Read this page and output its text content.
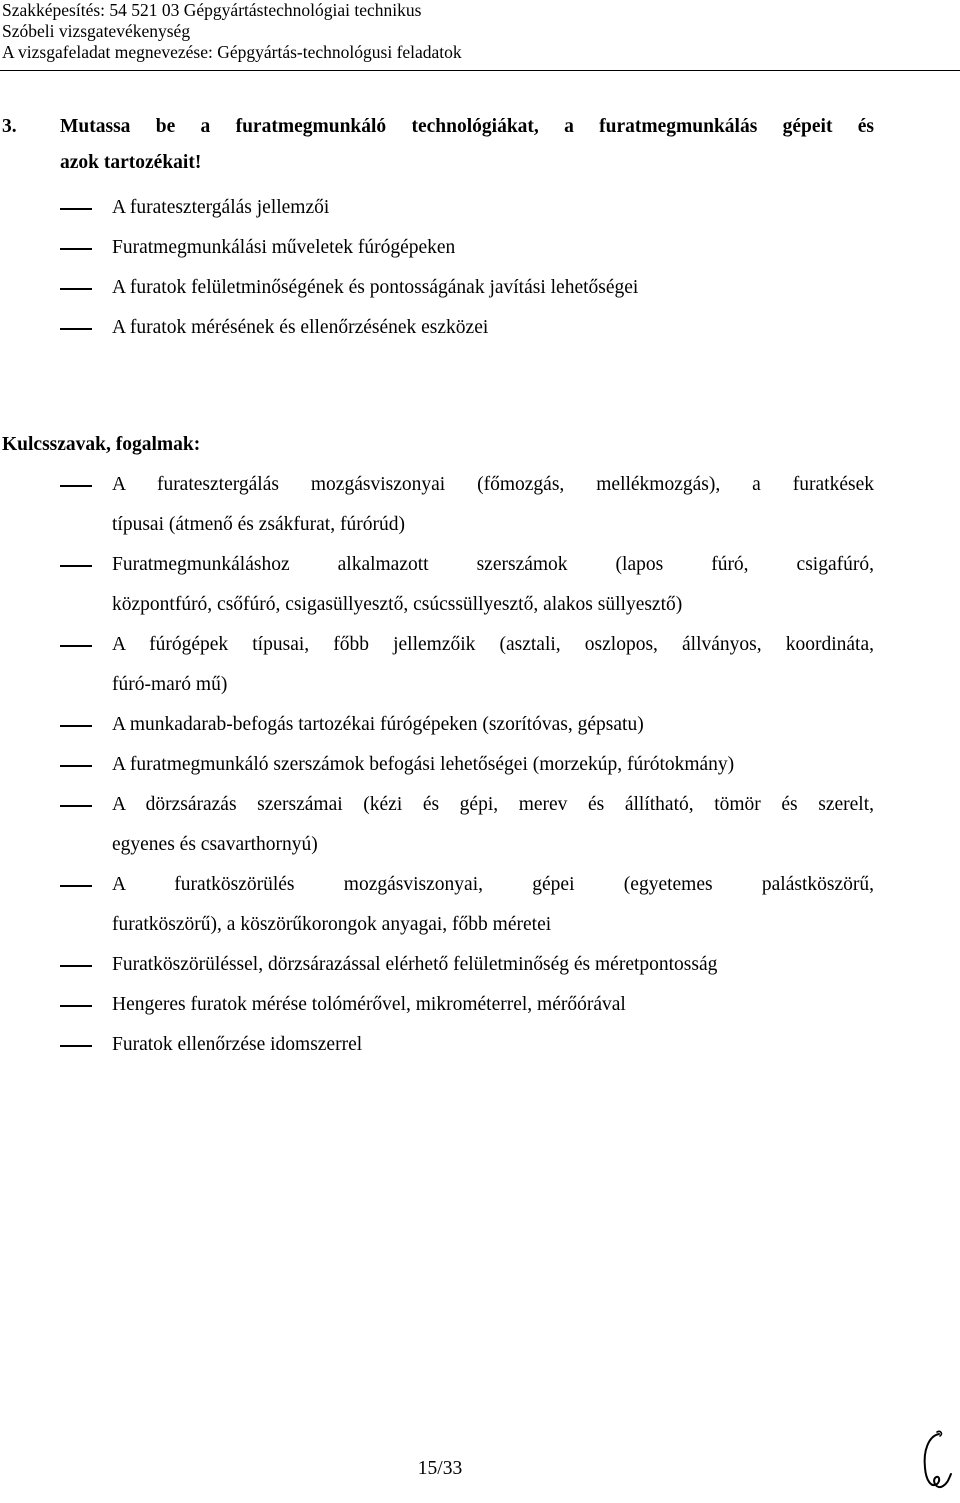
Szakképesítés: 54 521 03 Gépgyártástechnológiai technikus
Szóbeli vizsgatevékenység
A vizsgafeladat megnevezése: Gépgyártás-technológusi feladatok
3. Mutassa be a furatmegmunkáló technológiákat, a furatmegmunkálás gépeit és
azok tartozékait!
A furatesztergálás jellemzői
Furatmegmunkálási műveletek fúrógépeken
A furatok felületminőségének és pontosságának javítási lehetőségei
A furatok mérésének és ellenőrzésének eszközei
Kulcsszavak, fogalmak:
A furatesztergálás mozgásviszonyai (főmozgás, mellékmozgás), a furatkések
típusai (átmenő és zsákfurat, fúrórúd)
Furatmegmunkáláshoz alkalmazott szerszámok (lapos fúró, csigafúró,
központfúró, csőfúró, csigasüllyesztő, csúcssüllyesztő, alakos süllyesztő)
A fúrógépek típusai, főbb jellemzőik (asztali, oszlopos, állványos, koordináta,
fúró-maró mű)
A munkadarab-befogás tartozékai fúrógépeken (szorítóvas, gépsatu)
A furatmegmunkáló szerszámok befogási lehetőségei (morzekúp, fúrótokmány)
A dörzsárazás szerszámai (kézi és gépi, merev és állítható, tömör és szerelt,
egyenes és csavarthornyú)
A furatköszörülés mozgásviszonyai, gépei (egyetemes palástköszörű,
furatköszörű), a köszörűkorongok anyagai, főbb méretei
Furatköszörüléssel, dörzsárazással elérhető felületminőség és méretpontosság
Hengeres furatok mérése tolómérővel, mikrométerrel, mérőórával
Furatok ellenőrzése idomszerrel
15/33
